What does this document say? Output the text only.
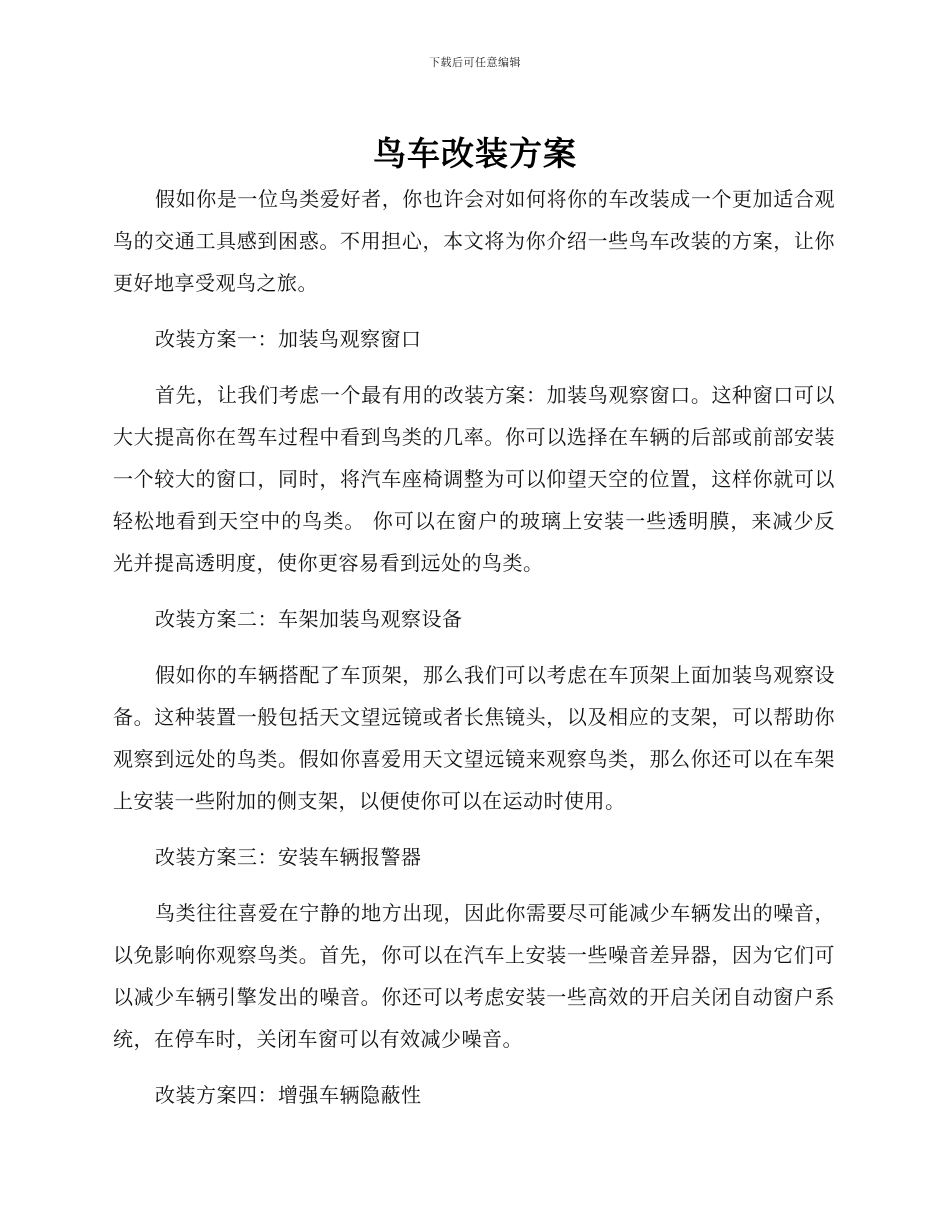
下载后可任意编辑
鸟车改装方案

假如你是一位鸟类爱好者，你也许会对如何将你的车改装成一个更加适合观鸟的交通工具感到困惑。不用担心，本文将为你介绍一些鸟车改装的方案，让你更好地享受观鸟之旅。

改装方案一：加装鸟观察窗口

首先，让我们考虑一个最有用的改装方案：加装鸟观察窗口。这种窗口可以大大提高你在驾车过程中看到鸟类的几率。你可以选择在车辆的后部或前部安装一个较大的窗口，同时，将汽车座椅调整为可以仰望天空的位置，这样你就可以轻松地看到天空中的鸟类。 你可以在窗户的玻璃上安装一些透明膜，来减少反光并提高透明度，使你更容易看到远处的鸟类。

改装方案二：车架加装鸟观察设备

假如你的车辆搭配了车顶架，那么我们可以考虑在车顶架上面加装鸟观察设备。这种装置一般包括天文望远镜或者长焦镜头，以及相应的支架，可以帮助你观察到远处的鸟类。假如你喜爱用天文望远镜来观察鸟类，那么你还可以在车架上安装一些附加的侧支架，以便使你可以在运动时使用。

改装方案三：安装车辆报警器

鸟类往往喜爱在宁静的地方出现，因此你需要尽可能减少车辆发出的噪音，以免影响你观察鸟类。首先，你可以在汽车上安装一些噪音差异器，因为它们可以减少车辆引擎发出的噪音。你还可以考虑安装一些高效的开启关闭自动窗户系统，在停车时，关闭车窗可以有效减少噪音。

改装方案四：增强车辆隐蔽性
